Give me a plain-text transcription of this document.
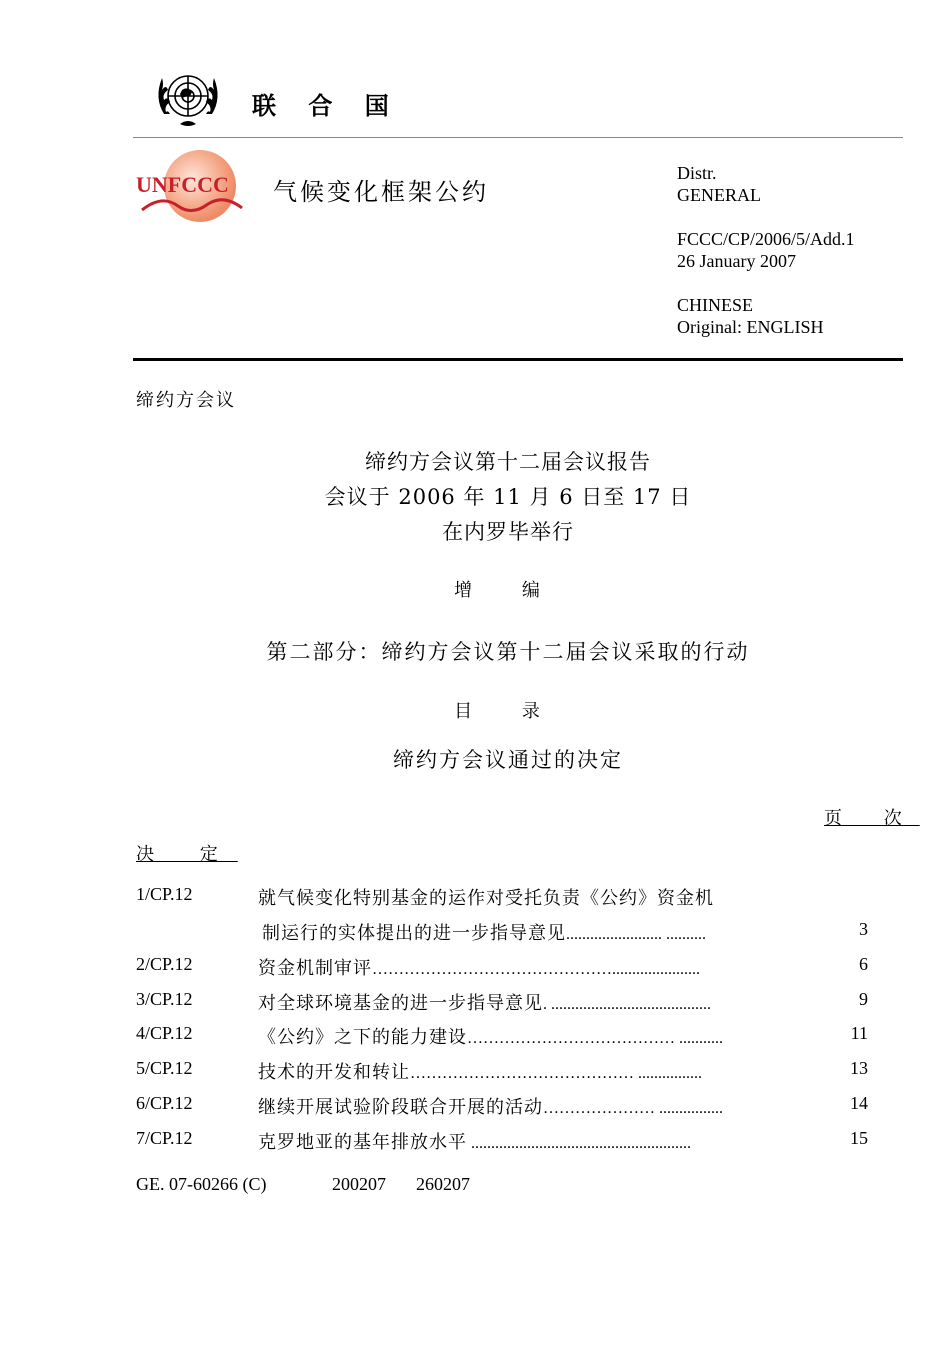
联 合 国
UNFCCC 气候变化框架公约
Distr.
GENERAL
FCCC/CP/2006/5/Add.1
26 January 2007
CHINESE
Original: ENGLISH
缔约方会议
缔约方会议第十二届会议报告
会议于 2006 年 11 月 6 日至 17 日
在内罗毕举行
增 编
第二部分：缔约方会议第十二届会议采取的行动
目 录
缔约方会议通过的决定
页 次
决 定
1/CP.12	就气候变化特别基金的运作对受托负责《公约》资金机
制运行的实体提出的进一步指导意见........................ ..........	3
2/CP.12	资金机制审评………………………………………......................	6
3/CP.12	对全球环境基金的进一步指导意见. ........................................	9
4/CP.12	《公约》之下的能力建设………………………………… ...........	11
5/CP.12	技术的开发和转让…………………………………… ................	13
6/CP.12	继续开展试验阶段联合开展的活动………………… ................	14
7/CP.12	克罗地亚的基年排放水平 .......................................................	15
GE. 07-60266 (C)	200207 260207
